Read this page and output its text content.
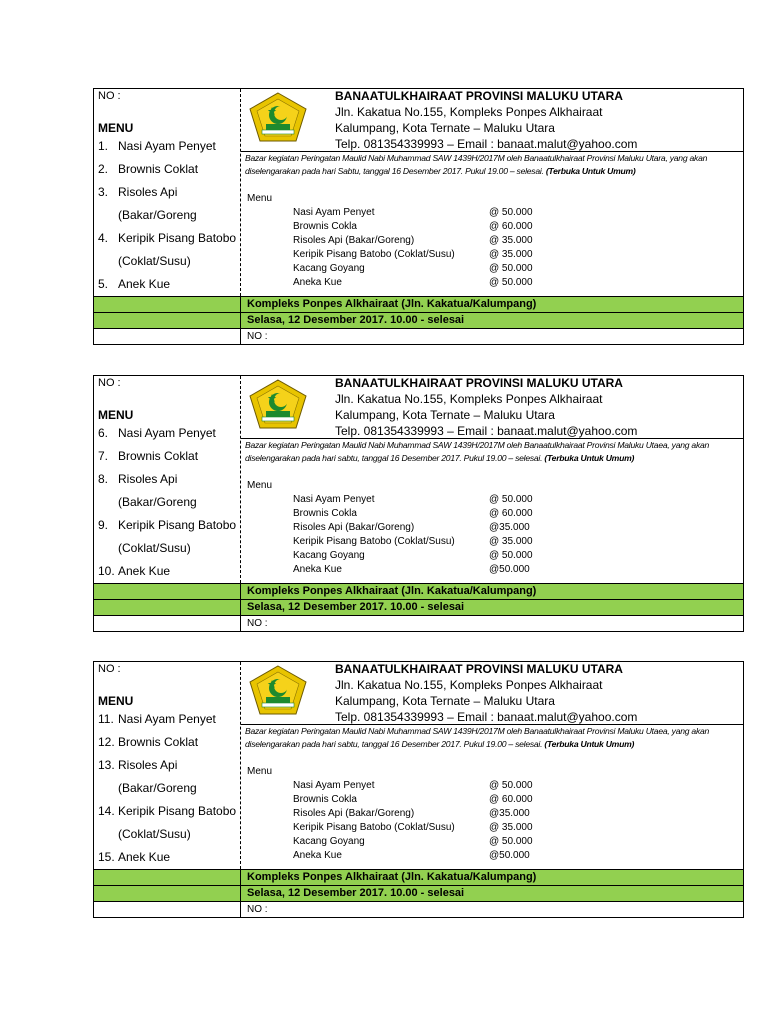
NO :
MENU
1. Nasi Ayam Penyet
2. Brownis Coklat
3. Risoles Api
(Bakar/Goreng
4. Keripik Pisang Batobo
(Coklat/Susu)
5. Anek Kue
BANAATULKHAIRAAT PROVINSI MALUKU UTARA
Jln. Kakatua No.155, Kompleks Ponpes Alkhairaat
Kalumpang, Kota Ternate – Maluku Utara
Telp. 081354339993 – Email : banaat.malut@yahoo.com
Bazar kegiatan Peringatan Maulid Nabi Muhammad SAW 1439H/2017M oleh Banaatulkhairaat Provinsi Maluku Utara, yang akan diselengarakan pada hari Sabtu, tanggal 16 Desember 2017. Pukul 19.00 – selesai. (Terbuka Untuk Umum)
Menu
Nasi Ayam Penyet	@ 50.000
Brownis Cokla	@ 60.000
Risoles Api (Bakar/Goreng)	@ 35.000
Keripik Pisang Batobo (Coklat/Susu)	@ 35.000
Kacang Goyang	@ 50.000
Aneka Kue	@ 50.000
Kompleks Ponpes Alkhairaat (Jln. Kakatua/Kalumpang)
Selasa, 12 Desember 2017. 10.00 - selesai
NO :
NO :
MENU
6. Nasi Ayam Penyet
7. Brownis Coklat
8. Risoles Api
(Bakar/Goreng
9. Keripik Pisang Batobo
(Coklat/Susu)
10. Anek Kue
BANAATULKHAIRAAT PROVINSI MALUKU UTARA
Jln. Kakatua No.155, Kompleks Ponpes Alkhairaat
Kalumpang, Kota Ternate – Maluku Utara
Telp. 081354339993 – Email : banaat.malut@yahoo.com
Bazar kegiatan Peringatan Maulid Nabi Muhammad SAW 1439H/2017M oleh Banaatulkhairaat Provinsi Maluku Utaea, yang akan diselengarakan pada hari sabtu, tanggal 16 Desember 2017. Pukul 19.00 – selesai. (Terbuka Untuk Umum)
Menu
Nasi Ayam Penyet	@ 50.000
Brownis Cokla	@ 60.000
Risoles Api (Bakar/Goreng)	@35.000
Keripik Pisang Batobo (Coklat/Susu)	@ 35.000
Kacang Goyang	@ 50.000
Aneka Kue	@50.000
Kompleks Ponpes Alkhairaat (Jln. Kakatua/Kalumpang)
Selasa, 12 Desember 2017. 10.00 - selesai
NO :
NO :
MENU
11. Nasi Ayam Penyet
12. Brownis Coklat
13. Risoles Api
(Bakar/Goreng
14. Keripik Pisang Batobo
(Coklat/Susu)
15. Anek Kue
BANAATULKHAIRAAT PROVINSI MALUKU UTARA
Jln. Kakatua No.155, Kompleks Ponpes Alkhairaat
Kalumpang, Kota Ternate – Maluku Utara
Telp. 081354339993 – Email : banaat.malut@yahoo.com
Bazar kegiatan Peringatan Maulid Nabi Muhammad SAW 1439H/2017M oleh Banaatulkhairaat Provinsi Maluku Utaea, yang akan diselengarakan pada hari sabtu, tanggal 16 Desember 2017. Pukul 19.00 – selesai. (Terbuka Untuk Umum)
Menu
Nasi Ayam Penyet	@ 50.000
Brownis Cokla	@ 60.000
Risoles Api (Bakar/Goreng)	@35.000
Keripik Pisang Batobo (Coklat/Susu)	@ 35.000
Kacang Goyang	@ 50.000
Aneka Kue	@50.000
Kompleks Ponpes Alkhairaat (Jln. Kakatua/Kalumpang)
Selasa, 12 Desember 2017. 10.00 - selesai
NO :
